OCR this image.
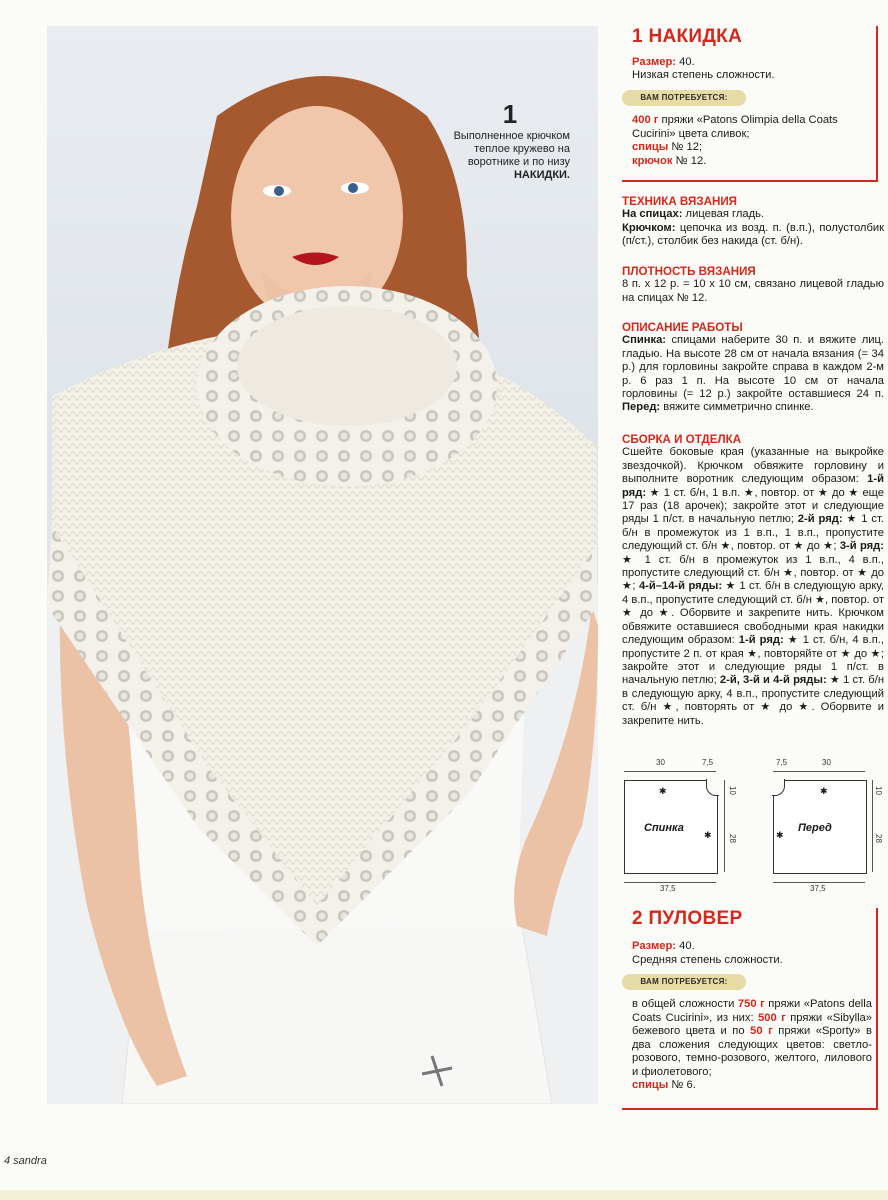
1
Выполненное крючком теплое кружево на воротнике и по низу НАКИДКИ.
1 НАКИДКА
Размер: 40.
Низкая степень сложности.
ВАМ ПОТРЕБУЕТСЯ:
400 г пряжи «Patons Olimpia della Coats Cucirini» цвета сливок;
спицы № 12;
крючок № 12.
ТЕХНИКА ВЯЗАНИЯ
На спицах: лицевая гладь.
Крючком: цепочка из возд. п. (в.п.), полустолбик (п/ст.), столбик без накида (ст. б/н).
ПЛОТНОСТЬ ВЯЗАНИЯ
8 п. х 12 р. = 10 х 10 см, связано лицевой гладью на спицах № 12.
ОПИСАНИЕ РАБОТЫ
Спинка: спицами наберите 30 п. и вяжите лиц. гладью. На высоте 28 см от начала вязания (= 34 р.) для горловины закройте справа в каждом 2-м р. 6 раз 1 п. На высоте 10 см от начала горловины (= 12 р.) закройте оставшиеся 24 п. Перед: вяжите симметрично спинке.
СБОРКА И ОТДЕЛКА
Сшейте боковые края (указанные на выкройке звездочкой). Крючком обвяжите горловину и выполните воротник следующим образом: 1-й ряд: ★ 1 ст. б/н, 1 в.п. ★, повтор. от ★ до ★ еще 17 раз (18 арочек); закройте этот и следующие ряды 1 п/ст. в начальную петлю; 2-й ряд: ★ 1 ст. б/н в промежуток из 1 в.п., 1 в.п., пропустите следующий ст. б/н ★, повтор. от ★ до ★; 3-й ряд: ★ 1 ст. б/н в промежуток из 1 в.п., 4 в.п., пропустите следующий ст. б/н ★, повтор. от ★ до ★; 4-й–14-й ряды: ★ 1 ст. б/н в следующую арку, 4 в.п., пропустите следующий ст. б/н ★, повтор. от ★ до ★. Оборвите и закрепите нить. Крючком обвяжите оставшиеся свободными края накидки следующим образом: 1-й ряд: ★ 1 ст. б/н, 4 в.п., пропустите 2 п. от края ★, повторяйте от ★ до ★; закройте этот и следующие ряды 1 п/ст. в начальную петлю; 2-й, 3-й и 4-й ряды: ★ 1 ст. б/н в следующую арку, 4 в.п., пропустите следующий ст. б/н ★, повторять от ★ до ★. Оборвите и закрепите нить.
30	7,5
✱
✱
Спинка
10
28
37,5
7,5	30
✱
✱
Перед
10
28
37,5
2 ПУЛОВЕР
Размер: 40.
Средняя степень сложности.
ВАМ ПОТРЕБУЕТСЯ:
в общей сложности 750 г пряжи «Patons della Coats Cucirini», из них: 500 г пряжи «Sibylla» бежевого цвета и по 50 г пряжи «Sporty» в два сложения следующих цветов: светло-розового, темно-розового, желтого, лилового и фиолетового;
спицы № 6.
4 sandra
